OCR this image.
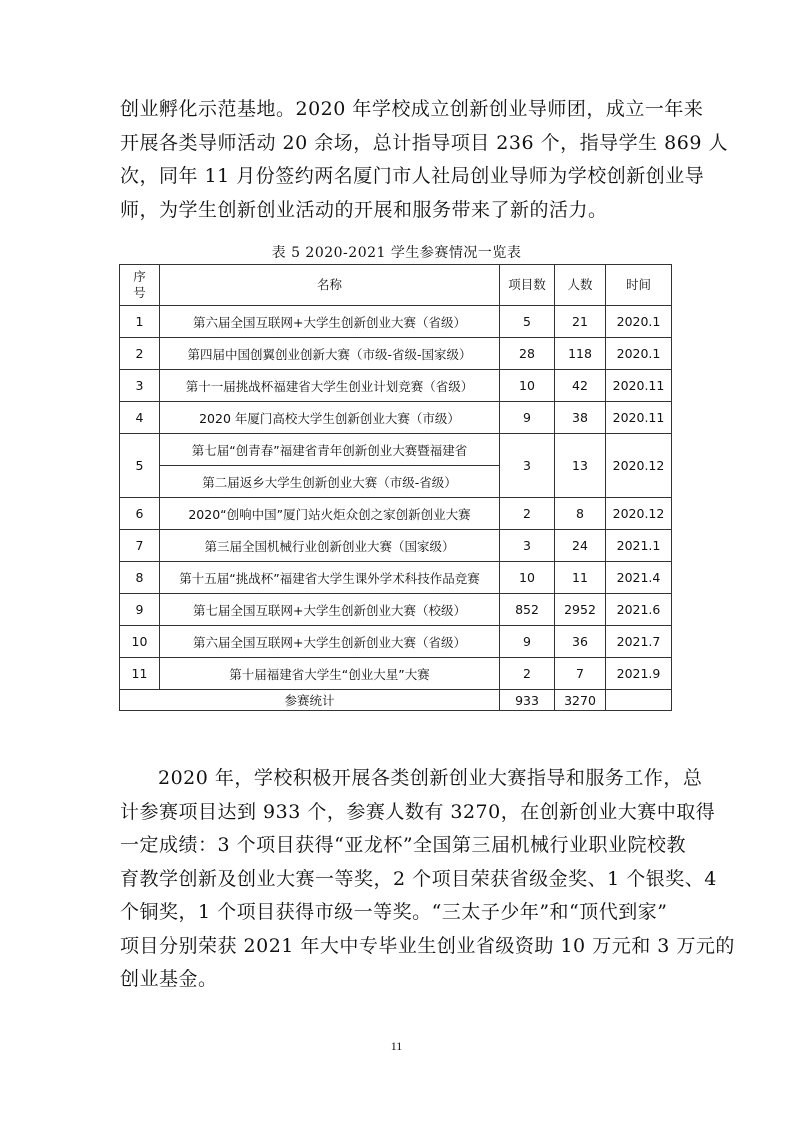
创业孵化示范基地。2020 年学校成立创新创业导师团，成立一年来
开展各类导师活动 20 余场，总计指导项目 236 个，指导学生 869 人
次，同年 11 月份签约两名厦门市人社局创业导师为学校创新创业导
师，为学生创新创业活动的开展和服务带来了新的活力。
表 5 2020-2021 学生参赛情况一览表
序
号	名称	项目数	人数	时间
1	第六届全国互联网+大学生创新创业大赛（省级）	5	21	2020.1
2	第四届中国创翼创业创新大赛（市级-省级-国家级）	28	118	2020.1
3	第十一届挑战杯福建省大学生创业计划竞赛（省级）	10	42	2020.11
4	2020 年厦门高校大学生创新创业大赛（市级）	9	38	2020.11
5	第七届“创青春”福建省青年创新创业大赛暨福建省	3	13	2020.12
	第二届返乡大学生创新创业大赛（市级-省级）			
6	2020“创响中国”厦门站火炬众创之家创新创业大赛	2	8	2020.12
7	第三届全国机械行业创新创业大赛（国家级）	3	24	2021.1
8	第十五届“挑战杯”福建省大学生课外学术科技作品竞赛	10	11	2021.4
9	第七届全国互联网+大学生创新创业大赛（校级）	852	2952	2021.6
10	第六届全国互联网+大学生创新创业大赛（省级）	9	36	2021.7
11	第十届福建省大学生“创业大星”大赛	2	7	2021.9
参赛统计		933	3270	
2020 年，学校积极开展各类创新创业大赛指导和服务工作，总
计参赛项目达到 933 个，参赛人数有 3270，在创新创业大赛中取得
一定成绩：3 个项目获得“亚龙杯”全国第三届机械行业职业院校教
育教学创新及创业大赛一等奖，2 个项目荣获省级金奖、1 个银奖、4
个铜奖，1 个项目获得市级一等奖。“三太子少年”和“顶代到家”
项目分别荣获 2021 年大中专毕业生创业省级资助 10 万元和 3 万元的
创业基金。
11
